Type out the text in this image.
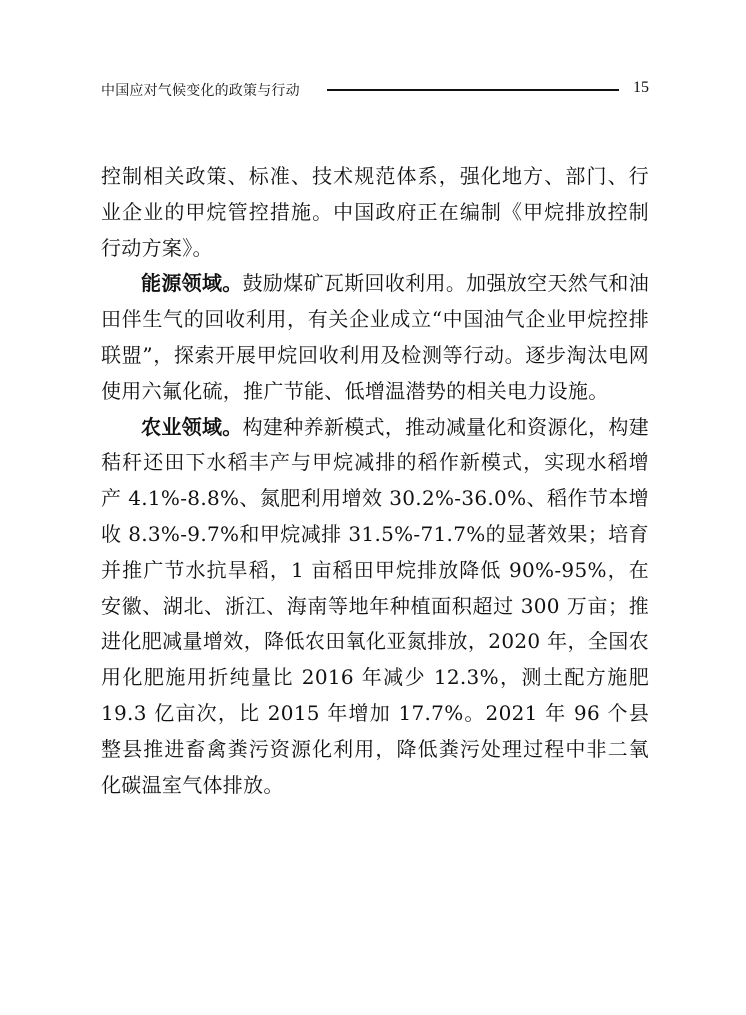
中国应对气候变化的政策与行动	15

控制相关政策、标准、技术规范体系，强化地方、部门、行业企业的甲烷管控措施。中国政府正在编制《甲烷排放控制行动方案》。

能源领域。鼓励煤矿瓦斯回收利用。加强放空天然气和油田伴生气的回收利用，有关企业成立“中国油气企业甲烷控排联盟”，探索开展甲烷回收利用及检测等行动。逐步淘汰电网使用六氟化硫，推广节能、低增温潜势的相关电力设施。

农业领域。构建种养新模式，推动减量化和资源化，构建秸秆还田下水稻丰产与甲烷减排的稻作新模式，实现水稻增产 4.1%-8.8%、氮肥利用增效 30.2%-36.0%、稻作节本增收 8.3%-9.7%和甲烷减排 31.5%-71.7%的显著效果；培育并推广节水抗旱稻，1 亩稻田甲烷排放降低 90%-95%，在安徽、湖北、浙江、海南等地年种植面积超过 300 万亩；推进化肥减量增效，降低农田氧化亚氮排放，2020 年，全国农用化肥施用折纯量比 2016 年减少 12.3%，测土配方施肥 19.3 亿亩次，比 2015 年增加 17.7%。2021 年 96 个县整县推进畜禽粪污资源化利用，降低粪污处理过程中非二氧化碳温室气体排放。
